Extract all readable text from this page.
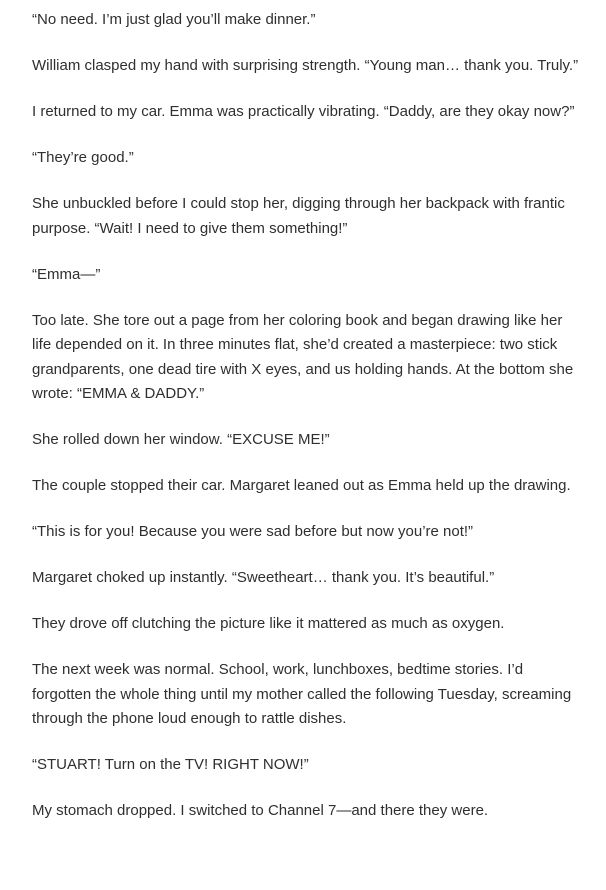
“No need. I’m just glad you’ll make dinner.”

William clasped my hand with surprising strength. “Young man… thank you. Truly.”

I returned to my car. Emma was practically vibrating. “Daddy, are they okay now?”

“They’re good.”

She unbuckled before I could stop her, digging through her backpack with frantic purpose. “Wait! I need to give them something!”

“Emma—”

Too late. She tore out a page from her coloring book and began drawing like her life depended on it. In three minutes flat, she’d created a masterpiece: two stick grandparents, one dead tire with X eyes, and us holding hands. At the bottom she wrote: “EMMA & DADDY.”

She rolled down her window. “EXCUSE ME!”

The couple stopped their car. Margaret leaned out as Emma held up the drawing.

“This is for you! Because you were sad before but now you’re not!”

Margaret choked up instantly. “Sweetheart… thank you. It’s beautiful.”

They drove off clutching the picture like it mattered as much as oxygen.

The next week was normal. School, work, lunchboxes, bedtime stories. I’d forgotten the whole thing until my mother called the following Tuesday, screaming through the phone loud enough to rattle dishes.

“STUART! Turn on the TV! RIGHT NOW!”

My stomach dropped. I switched to Channel 7—and there they were.
